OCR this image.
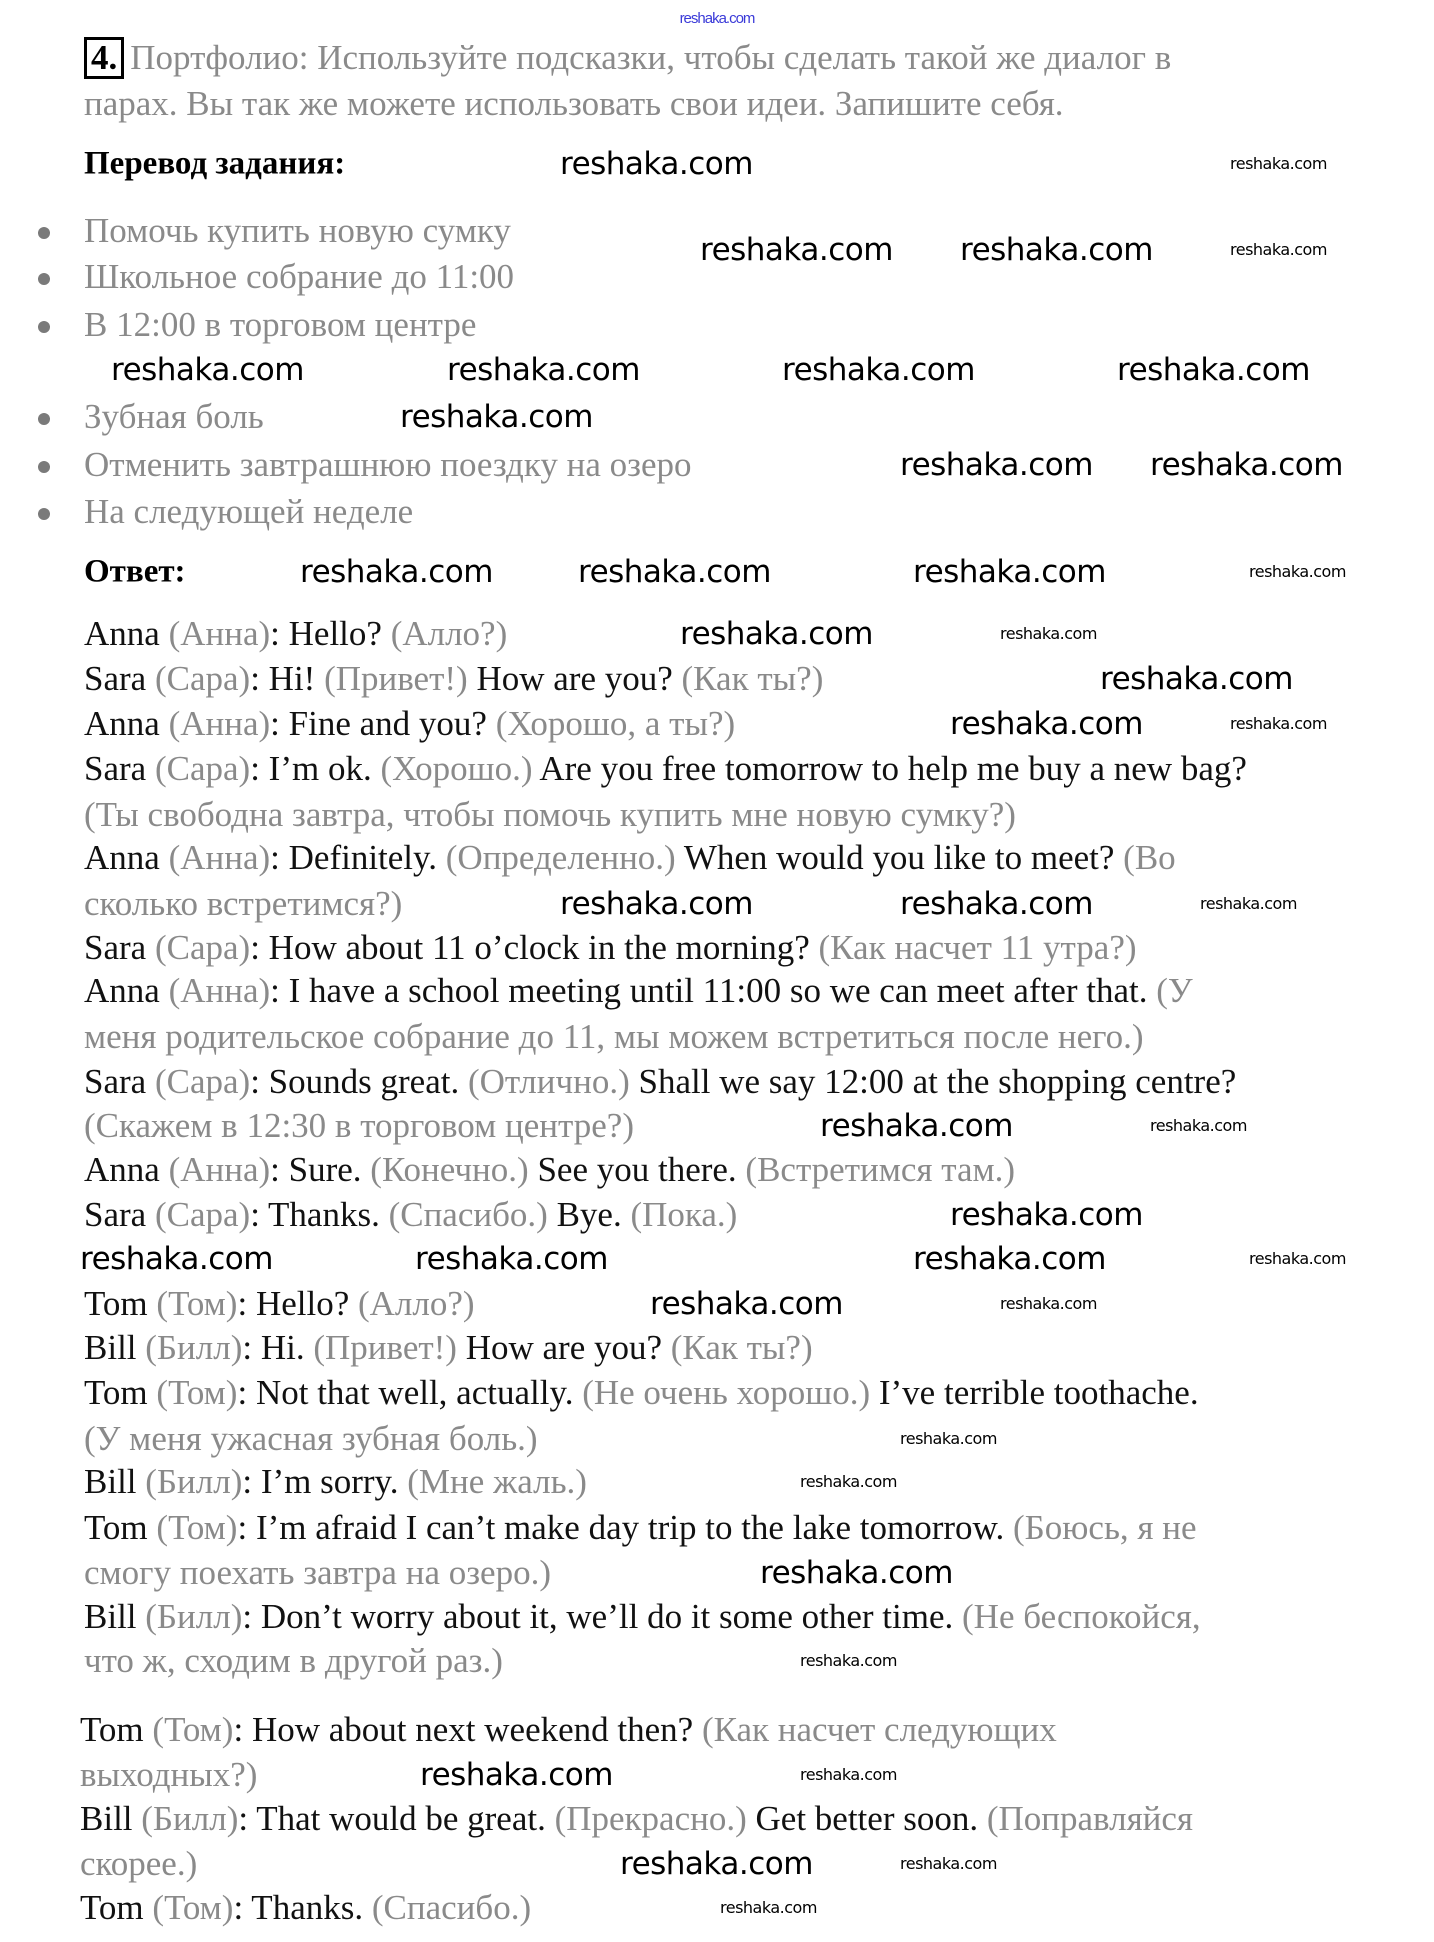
reshaka.com
4. Портфолио: Используйте подсказки, чтобы сделать такой же диалог в
парах. Вы так же можете использовать свои идеи. Запишите себя.
Перевод задания:
Помочь купить новую сумку
Школьное собрание до 11:00
В 12:00 в торговом центре
Зубная боль
Отменить завтрашнюю поездку на озеро
На следующей неделе
Ответ:
Anna (Анна): Hello? (Алло?)
Sara (Сара): Hi! (Привет!) How are you? (Как ты?)
Anna (Анна): Fine and you? (Хорошо, а ты?)
Sara (Сара): I’m ok. (Хорошо.) Are you free tomorrow to help me buy a new bag?
(Ты свободна завтра, чтобы помочь купить мне новую сумку?)
Anna (Анна): Definitely. (Определенно.) When would you like to meet? (Во
сколько встретимся?)
Sara (Сара): How about 11 o’clock in the morning? (Как насчет 11 утра?)
Anna (Анна): I have a school meeting until 11:00 so we can meet after that. (У
меня родительское собрание до 11, мы можем встретиться после него.)
Sara (Сара): Sounds great. (Отлично.) Shall we say 12:00 at the shopping centre?
(Скажем в 12:30 в торговом центре?)
Anna (Анна): Sure. (Конечно.) See you there. (Встретимся там.)
Sara (Сара): Thanks. (Спасибо.) Bye. (Пока.)
Tom (Том): Hello? (Алло?)
Bill (Билл): Hi. (Привет!) How are you? (Как ты?)
Tom (Том): Not that well, actually. (Не очень хорошо.) I’ve terrible toothache.
(У меня ужасная зубная боль.)
Bill (Билл): I’m sorry. (Мне жаль.)
Tom (Том): I’m afraid I can’t make day trip to the lake tomorrow. (Боюсь, я не
смогу поехать завтра на озеро.)
Bill (Билл): Don’t worry about it, we’ll do it some other time. (Не беспокойся,
что ж, сходим в другой раз.)
Tom (Том): How about next weekend then? (Как насчет следующих
выходных?)
Bill (Билл): That would be great. (Прекрасно.) Get better soon. (Поправляйся
скорее.)
Tom (Том): Thanks. (Спасибо.)
reshaka.com	reshaka.com
reshaka.com reshaka.com	reshaka.com
reshaka.com	reshaka.com	reshaka.com	reshaka.com
reshaka.com
reshaka.com reshaka.com
reshaka.com	reshaka.com	reshaka.com	reshaka.com
reshaka.com	reshaka.com
reshaka.com
reshaka.com	reshaka.com
reshaka.com	reshaka.com	reshaka.com
reshaka.com	reshaka.com
reshaka.com
reshaka.com	reshaka.com	reshaka.com	reshaka.com
reshaka.com	reshaka.com
reshaka.com
reshaka.com
reshaka.com
reshaka.com
reshaka.com	reshaka.com
reshaka.com	reshaka.com
reshaka.com
